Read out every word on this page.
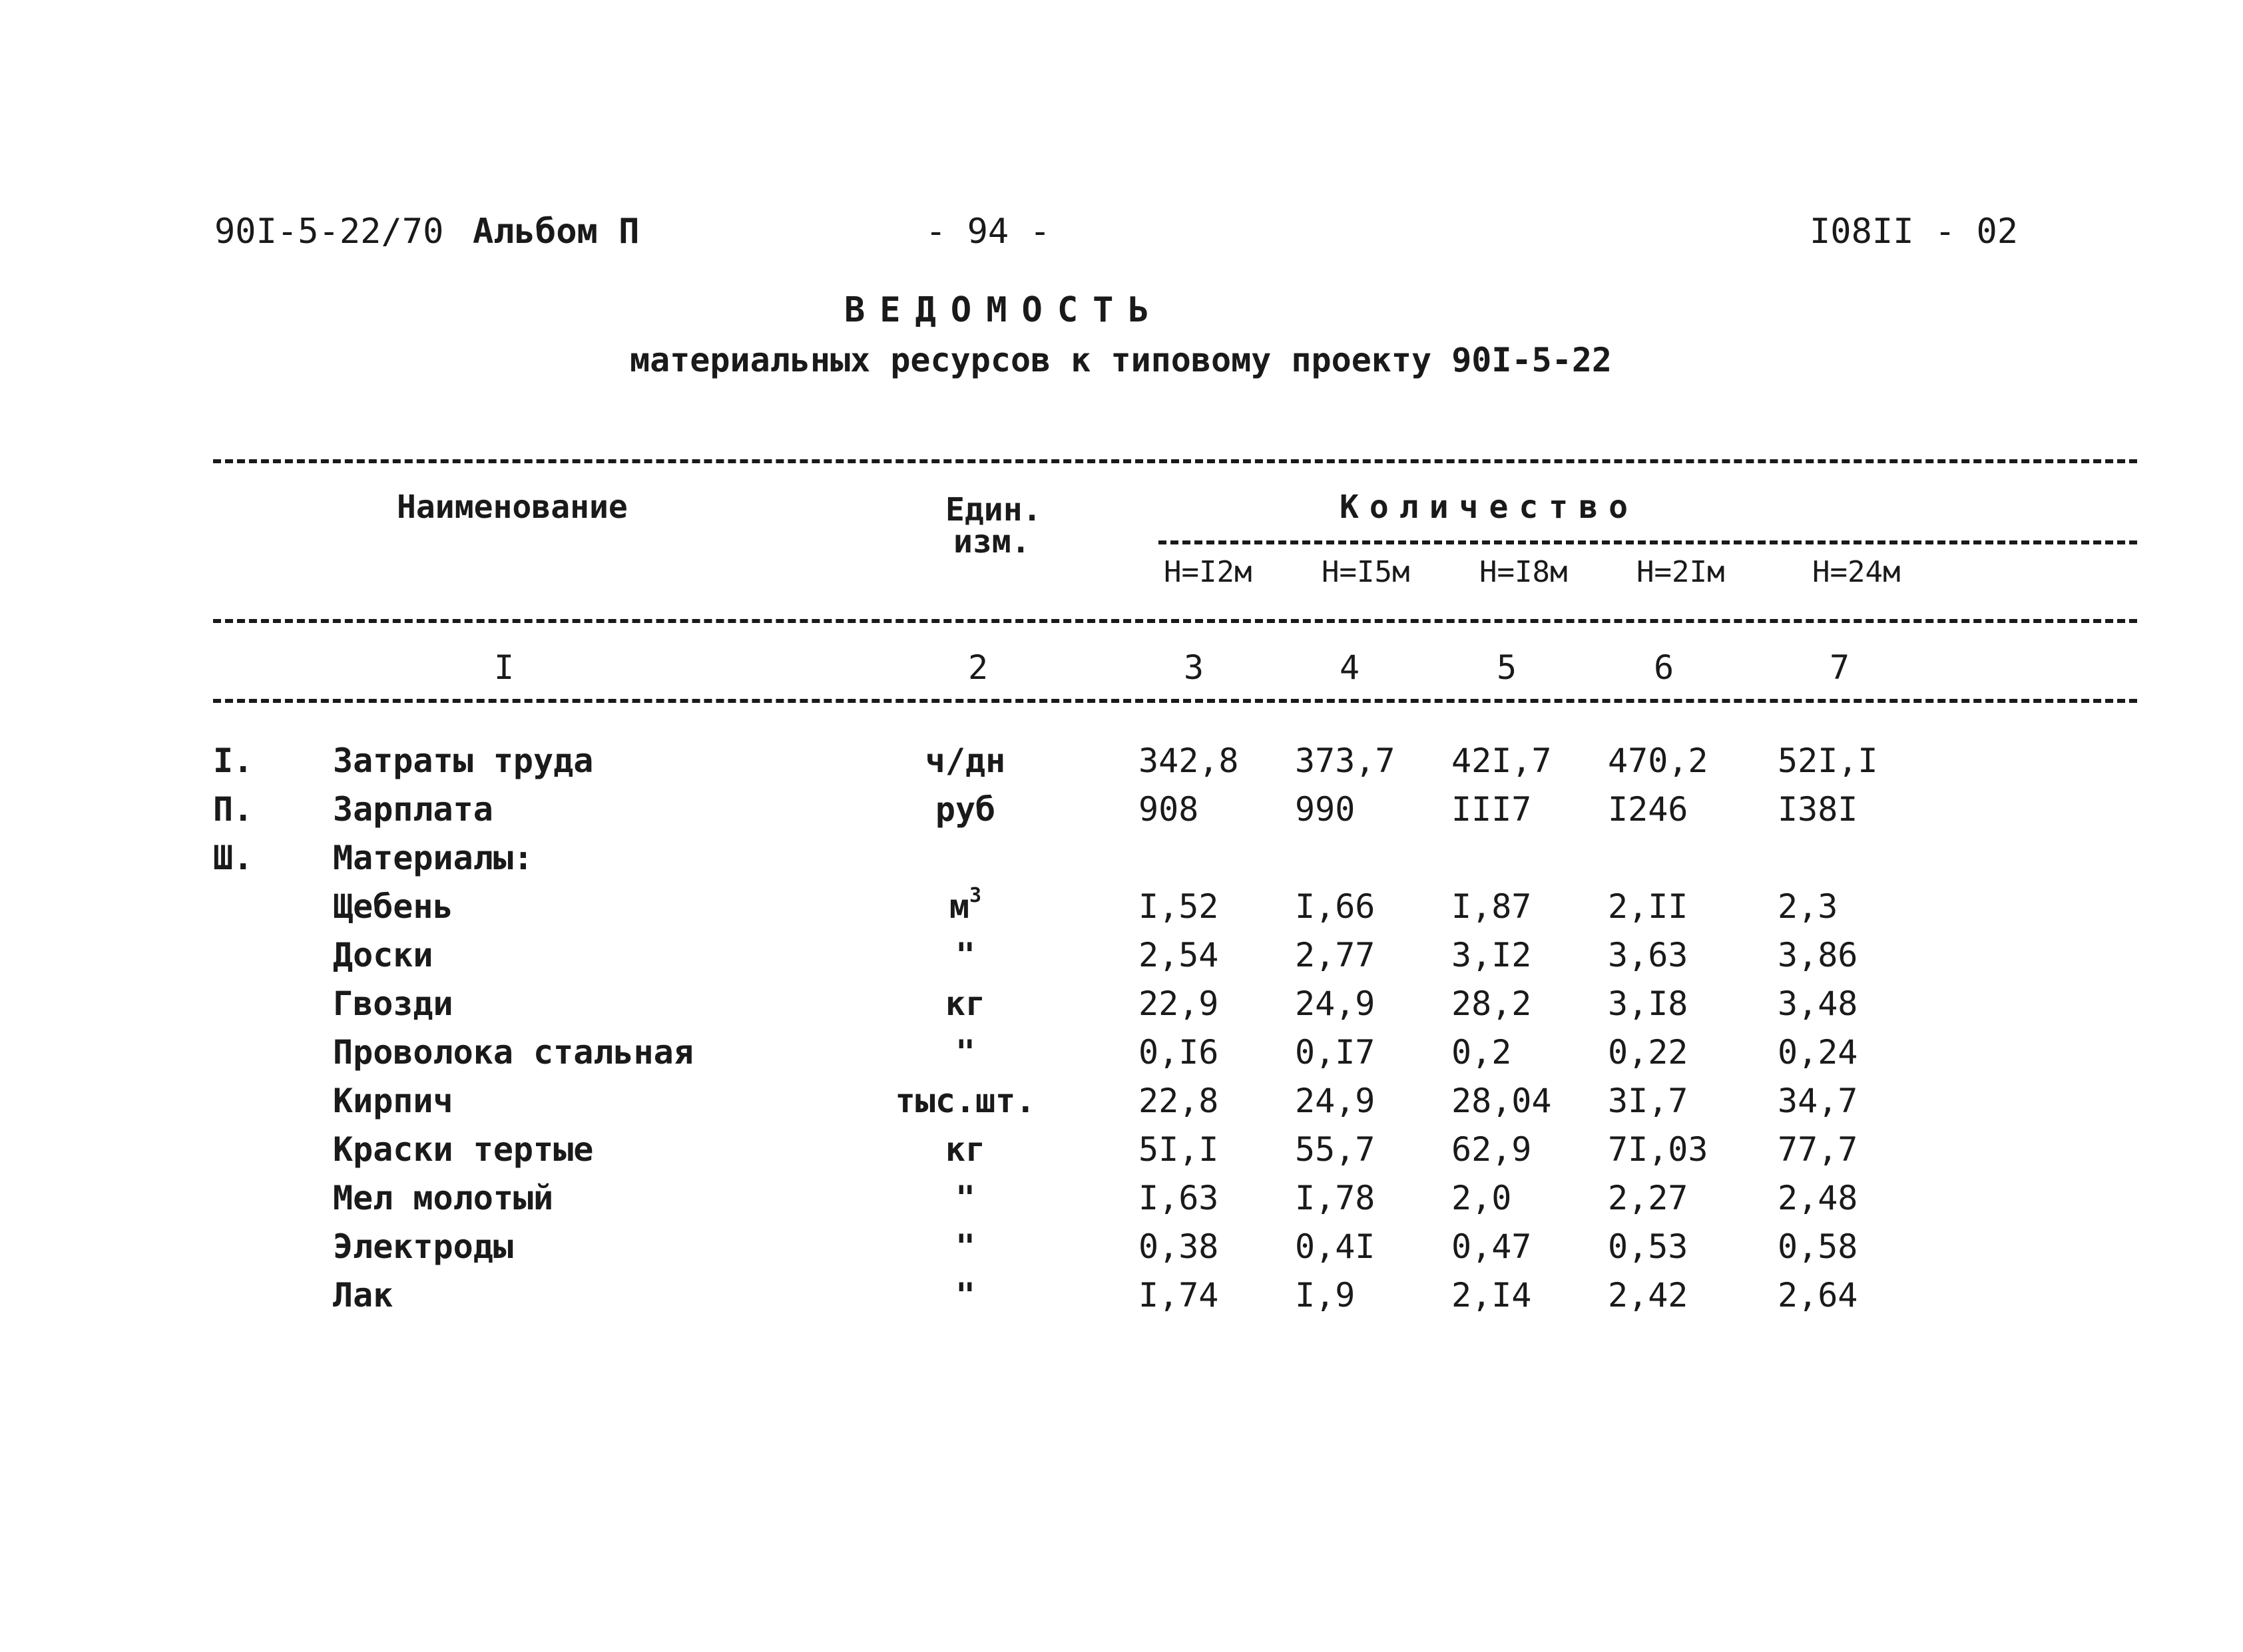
90I-5-22/70 Альбом П	- 94 -	I08II - 02
ВЕДОМОСТЬ
материальных ресурсов к типовому проекту 90I-5-22
Наименование	Един.
изм.
Количество
Н=I2м Н=I5м Н=I8м Н=2Iм	Н=24м
I	2	3	4	5	6	7
I. Затраты труда	ч/дн	342,8	373,7	42I,7	470,2	52I,I
П. Зарплата	руб	908	990	III7	I246	I38I
Ш. Материалы:
Щебень	$м^3$	I,52	I,66	I,87	2,II	2,3
Доски	"	2,54	2,77	3,I2	3,63	3,86
Гвозди	кг	22,9	24,9	28,2	3,I8	3,48
Проволока стальная	"	0,I6	0,I7	0,2	0,22	0,24
Кирпич	тыс.шт.	22,8	24,9	28,04	3I,7	34,7
Краски тертые	кг	5I,I	55,7	62,9	7I,03	77,7
Мел молотый	"	I,63	I,78	2,0	2,27	2,48
Электроды	"	0,38	0,4I	0,47	0,53	0,58
Лак	"	I,74	I,9	2,I4	2,42	2,64
